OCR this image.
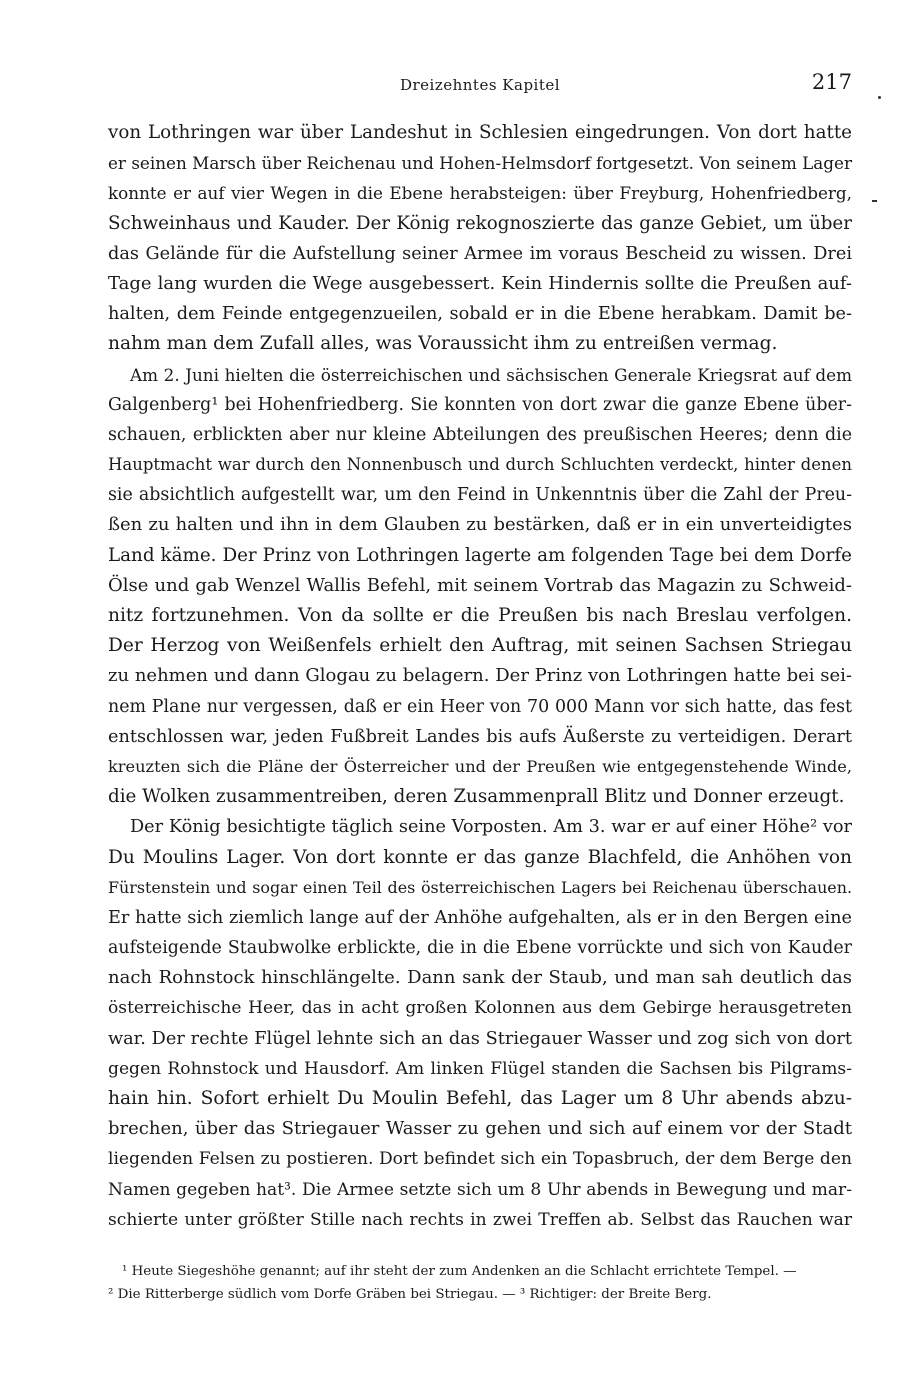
Dreizehntes Kapitel	217
von Lothringen war über Landeshut in Schlesien eingedrungen. Von dort hatte
er seinen Marsch über Reichenau und Hohen-Helmsdorf fortgesetzt. Von seinem Lager
konnte er auf vier Wegen in die Ebene herabsteigen: über Freyburg, Hohenfriedberg,
Schweinhaus und Kauder. Der König rekognoszierte das ganze Gebiet, um über
das Gelände für die Aufstellung seiner Armee im voraus Bescheid zu wissen. Drei
Tage lang wurden die Wege ausgebessert. Kein Hindernis sollte die Preußen auf-
halten, dem Feinde entgegenzueilen, sobald er in die Ebene herabkam. Damit be-
nahm man dem Zufall alles, was Voraussicht ihm zu entreißen vermag.
Am 2. Juni hielten die österreichischen und sächsischen Generale Kriegsrat auf dem
Galgenberg¹ bei Hohenfriedberg. Sie konnten von dort zwar die ganze Ebene über-
schauen, erblickten aber nur kleine Abteilungen des preußischen Heeres; denn die
Hauptmacht war durch den Nonnenbusch und durch Schluchten verdeckt, hinter denen
sie absichtlich aufgestellt war, um den Feind in Unkenntnis über die Zahl der Preu-
ßen zu halten und ihn in dem Glauben zu bestärken, daß er in ein unverteidigtes
Land käme. Der Prinz von Lothringen lagerte am folgenden Tage bei dem Dorfe
Ölse und gab Wenzel Wallis Befehl, mit seinem Vortrab das Magazin zu Schweid-
nitz fortzunehmen. Von da sollte er die Preußen bis nach Breslau verfolgen.
Der Herzog von Weißenfels erhielt den Auftrag, mit seinen Sachsen Striegau
zu nehmen und dann Glogau zu belagern. Der Prinz von Lothringen hatte bei sei-
nem Plane nur vergessen, daß er ein Heer von 70 000 Mann vor sich hatte, das fest
entschlossen war, jeden Fußbreit Landes bis aufs Äußerste zu verteidigen. Derart
kreuzten sich die Pläne der Österreicher und der Preußen wie entgegenstehende Winde,
die Wolken zusammentreiben, deren Zusammenprall Blitz und Donner erzeugt.
Der König besichtigte täglich seine Vorposten. Am 3. war er auf einer Höhe² vor
Du Moulins Lager. Von dort konnte er das ganze Blachfeld, die Anhöhen von
Fürstenstein und sogar einen Teil des österreichischen Lagers bei Reichenau überschauen.
Er hatte sich ziemlich lange auf der Anhöhe aufgehalten, als er in den Bergen eine
aufsteigende Staubwolke erblickte, die in die Ebene vorrückte und sich von Kauder
nach Rohnstock hinschlängelte. Dann sank der Staub, und man sah deutlich das
österreichische Heer, das in acht großen Kolonnen aus dem Gebirge herausgetreten
war. Der rechte Flügel lehnte sich an das Striegauer Wasser und zog sich von dort
gegen Rohnstock und Hausdorf. Am linken Flügel standen die Sachsen bis Pilgrams-
hain hin. Sofort erhielt Du Moulin Befehl, das Lager um 8 Uhr abends abzu-
brechen, über das Striegauer Wasser zu gehen und sich auf einem vor der Stadt
liegenden Felsen zu postieren. Dort befindet sich ein Topasbruch, der dem Berge den
Namen gegeben hat³. Die Armee setzte sich um 8 Uhr abends in Bewegung und mar-
schierte unter größter Stille nach rechts in zwei Treffen ab. Selbst das Rauchen war
¹ Heute Siegeshöhe genannt; auf ihr steht der zum Andenken an die Schlacht errichtete Tempel. —
² Die Ritterberge südlich vom Dorfe Gräben bei Striegau. — ³ Richtiger: der Breite Berg.
